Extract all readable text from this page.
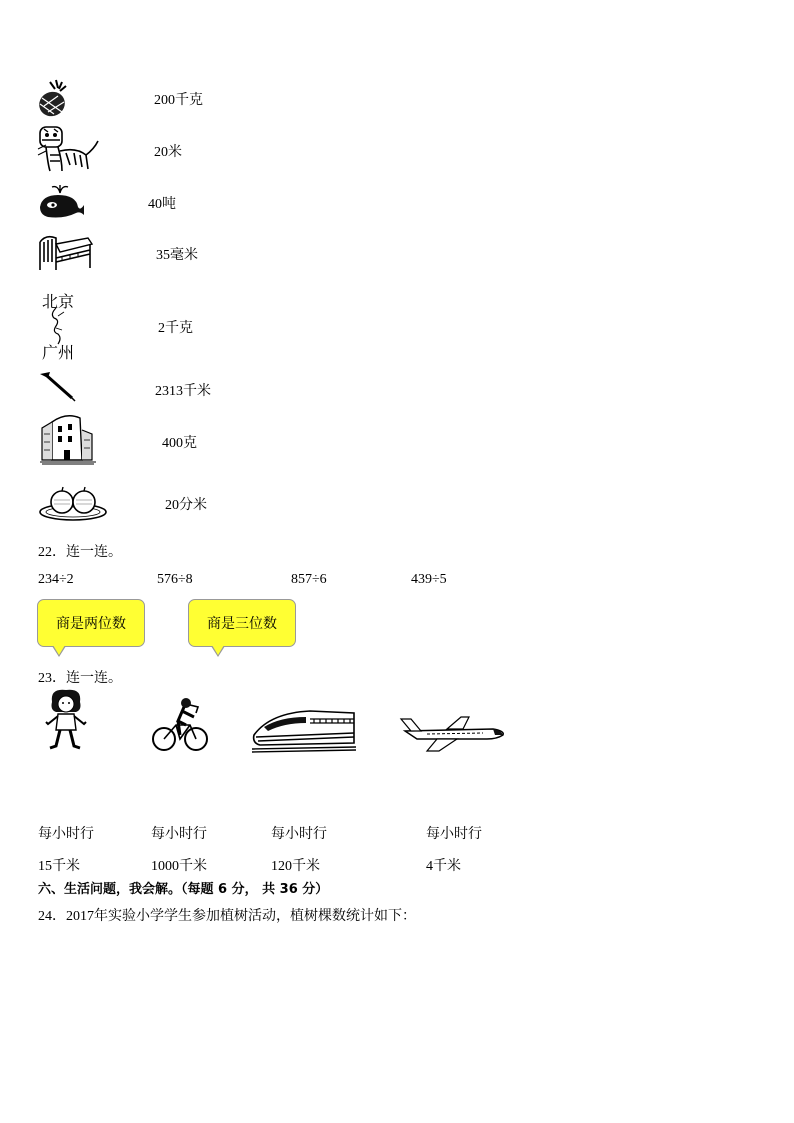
200千克
20米
40吨
35毫米
北京
广州
2千克
2313千米
400克
20分米
22．连一连。
234÷2	576÷8	857÷6	439÷5
商是两位数	商是三位数
23．连一连。
每小时行	每小时行	每小时行	每小时行
15千米	1000千米	120千米	4千米
六、生活问题，我会解。（每题 6 分， 共 36 分）
24．2017年实验小学学生参加植树活动，植树棵数统计如下：
